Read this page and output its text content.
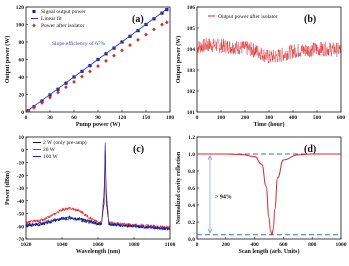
0	30	60	90	120	150	180
0
20
40
60
80
100
120
Pump power (W)
Output power (W)
(a)
Signal output power
Linear fit
Power after isolator
Slope efficiency of 67%
0	100	200	300	400	500	600
101
102
103
104
105
106
Time (hour)
Output power (W)
(b)
Output power after isolator
1020	1040	1060	1080	1100
-70
-60
-50
-40
-30
-20
-10
0
10
Wavelength (nm)
Power (dBm)
(c)
2 W (only pre-amp)
20 W
100 W
0	200	400	600	800	1000
0.0
0.2
0.4
0.6
0.8
1.0
1.2
Scan length (arb. Units)
Normalized cavity reflection
(d)
> 94%
